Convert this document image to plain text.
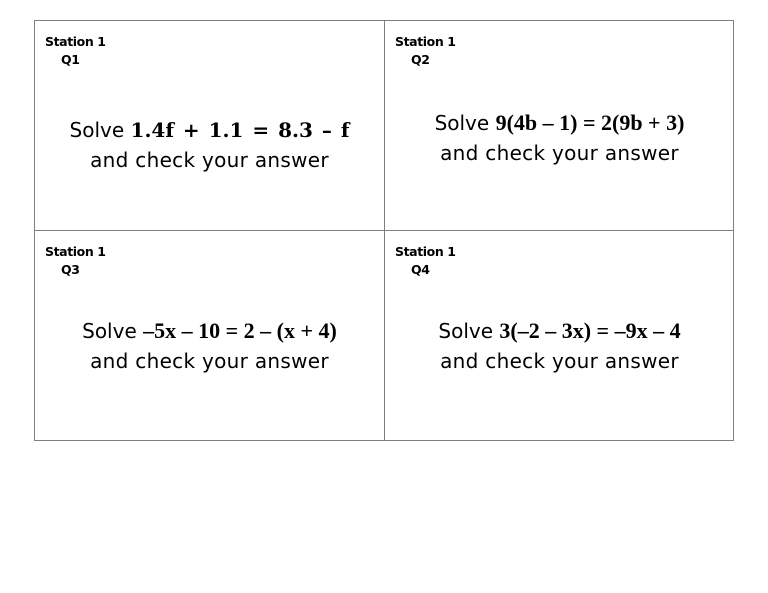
Station 1
Q1
Solve 1.4f + 1.1 = 8.3 – f
and check your answer
Station 1
Q2
Solve 9(4b – 1) = 2(9b + 3)
and check your answer
Station 1
Q3
Solve –5x – 10 = 2 – (x + 4)
and check your answer
Station 1
Q4
Solve 3(–2 – 3x) = –9x – 4
and check your answer
